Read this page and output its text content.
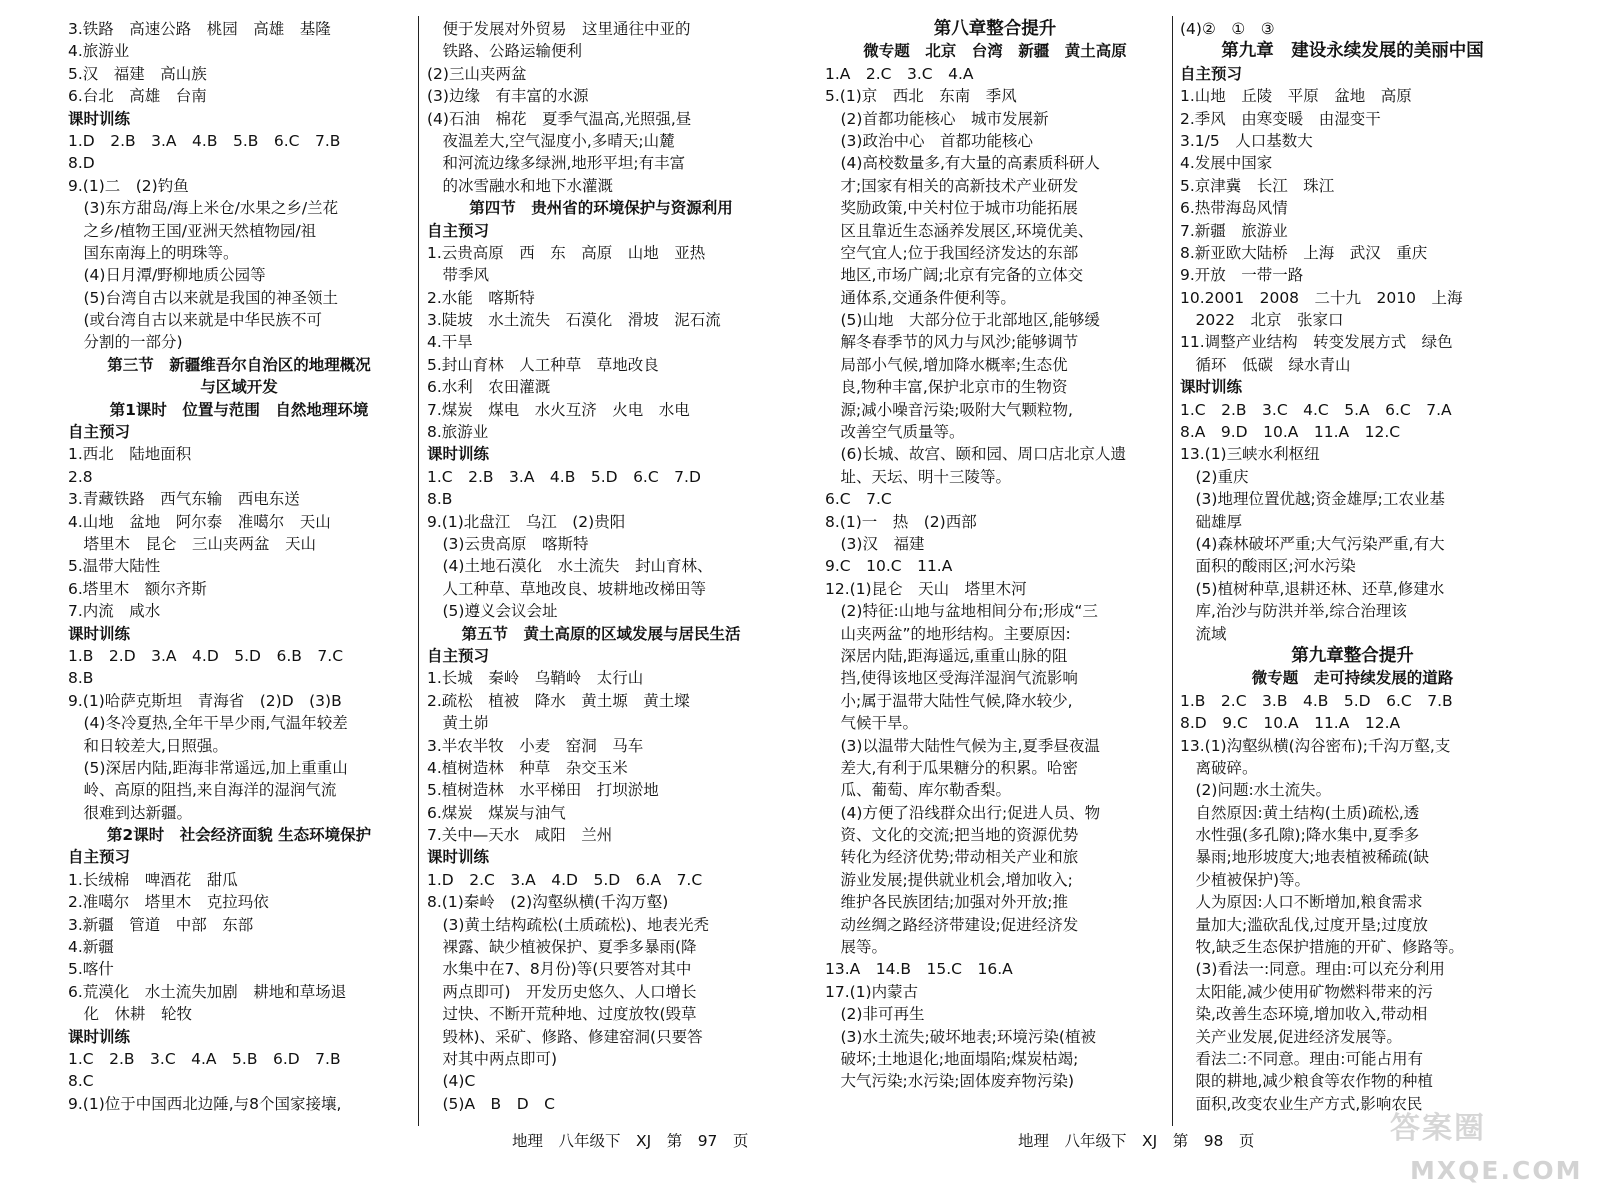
3.铁路　高速公路　桃园　高雄　基隆
4.旅游业
5.汉　福建　高山族
6.台北　高雄　台南
课时训练
1.D　2.B　3.A　4.B　5.B　6.C　7.B
8.D
9.(1)二　(2)钓鱼
　(3)东方甜岛/海上米仓/水果之乡/兰花
　之乡/植物王国/亚洲天然植物园/祖
　国东南海上的明珠等。
　(4)日月潭/野柳地质公园等
　(5)台湾自古以来就是我国的神圣领土
　(或台湾自古以来就是中华民族不可
　分割的一部分)
第三节　新疆维吾尔自治区的地理概况
与区域开发
第1课时　位置与范围　自然地理环境
自主预习
1.西北　陆地面积
2.8
3.青藏铁路　西气东输　西电东送
4.山地　盆地　阿尔泰　准噶尔　天山
　塔里木　昆仑　三山夹两盆　天山
5.温带大陆性
6.塔里木　额尔齐斯
7.内流　咸水
课时训练
1.B　2.D　3.A　4.D　5.D　6.B　7.C
8.B
9.(1)哈萨克斯坦　青海省　(2)D　(3)B
　(4)冬冷夏热,全年干旱少雨,气温年较差
　和日较差大,日照强。
　(5)深居内陆,距海非常遥远,加上重重山
　岭、高原的阻挡,来自海洋的湿润气流
　很难到达新疆。
第2课时　社会经济面貌 生态环境保护
自主预习
1.长绒棉　啤酒花　甜瓜
2.准噶尔　塔里木　克拉玛依
3.新疆　管道　中部　东部
4.新疆
5.喀什
6.荒漠化　水土流失加剧　耕地和草场退
　化　休耕　轮牧
课时训练
1.C　2.B　3.C　4.A　5.B　6.D　7.B
8.C
9.(1)位于中国西北边陲,与8个国家接壤,
　便于发展对外贸易　这里通往中亚的
　铁路、公路运输便利
(2)三山夹两盆
(3)边缘　有丰富的水源
(4)石油　棉花　夏季气温高,光照强,昼
　夜温差大,空气湿度小,多晴天;山麓
　和河流边缘多绿洲,地形平坦;有丰富
　的冰雪融水和地下水灌溉
第四节　贵州省的环境保护与资源利用
自主预习
1.云贵高原　西　东　高原　山地　亚热
　带季风
2.水能　喀斯特
3.陡坡　水土流失　石漠化　滑坡　泥石流
4.干旱
5.封山育林　人工种草　草地改良
6.水利　农田灌溉
7.煤炭　煤电　水火互济　火电　水电
8.旅游业
课时训练
1.C　2.B　3.A　4.B　5.D　6.C　7.D
8.B
9.(1)北盘江　乌江　(2)贵阳
　(3)云贵高原　喀斯特
　(4)土地石漠化　水土流失　封山育林、
　人工种草、草地改良、坡耕地改梯田等
　(5)遵义会议会址
第五节　黄土高原的区域发展与居民生活
自主预习
1.长城　秦岭　乌鞘岭　太行山
2.疏松　植被　降水　黄土塬　黄土墚
　黄土峁
3.半农半牧　小麦　窑洞　马车
4.植树造林　种草　杂交玉米
5.植树造林　水平梯田　打坝淤地
6.煤炭　煤炭与油气
7.关中—天水　咸阳　兰州
课时训练
1.D　2.C　3.A　4.D　5.D　6.A　7.C
8.(1)秦岭　(2)沟壑纵横(千沟万壑)
　(3)黄土结构疏松(土质疏松)、地表光秃
　裸露、缺少植被保护、夏季多暴雨(降
　水集中在7、8月份)等(只要答对其中
　两点即可)　开发历史悠久、人口增长
　过快、不断开荒种地、过度放牧(毁草
　毁林)、采矿、修路、修建窑洞(只要答
　对其中两点即可)
　(4)C
　(5)A　B　D　C
第八章整合提升
微专题　北京　台湾　新疆　黄土高原
1.A　2.C　3.C　4.A
5.(1)京　西北　东南　季风
　(2)首都功能核心　城市发展新
　(3)政治中心　首都功能核心
　(4)高校数量多,有大量的高素质科研人
　才;国家有相关的高新技术产业研发
　奖励政策,中关村位于城市功能拓展
　区且靠近生态涵养发展区,环境优美、
　空气宜人;位于我国经济发达的东部
　地区,市场广阔;北京有完备的立体交
　通体系,交通条件便利等。
　(5)山地　大部分位于北部地区,能够缓
　解冬春季节的风力与风沙;能够调节
　局部小气候,增加降水概率;生态优
　良,物种丰富,保护北京市的生物资
　源;减小噪音污染;吸附大气颗粒物,
　改善空气质量等。
　(6)长城、故宫、颐和园、周口店北京人遗
　址、天坛、明十三陵等。
6.C　7.C
8.(1)一　热　(2)西部
　(3)汉　福建
9.C　10.C　11.A
12.(1)昆仑　天山　塔里木河
　(2)特征:山地与盆地相间分布;形成“三
　山夹两盆”的地形结构。主要原因:
　深居内陆,距海遥远,重重山脉的阻
　挡,使得该地区受海洋湿润气流影响
　小;属于温带大陆性气候,降水较少,
　气候干旱。
　(3)以温带大陆性气候为主,夏季昼夜温
　差大,有利于瓜果糖分的积累。哈密
　瓜、葡萄、库尔勒香梨。
　(4)方便了沿线群众出行;促进人员、物
　资、文化的交流;把当地的资源优势
　转化为经济优势;带动相关产业和旅
　游业发展;提供就业机会,增加收入;
　维护各民族团结;加强对外开放;推
　动丝绸之路经济带建设;促进经济发
　展等。
13.A　14.B　15.C　16.A
17.(1)内蒙古
　(2)非可再生
　(3)水土流失;破坏地表;环境污染(植被
　破坏;土地退化;地面塌陷;煤炭枯竭;
　大气污染;水污染;固体废弃物污染)
(4)②　①　③
第九章　建设永续发展的美丽中国
自主预习
1.山地　丘陵　平原　盆地　高原
2.季风　由寒变暖　由湿变干
3.1/5　人口基数大
4.发展中国家
5.京津冀　长江　珠江
6.热带海岛风情
7.新疆　旅游业
8.新亚欧大陆桥　上海　武汉　重庆
9.开放　一带一路
10.2001　2008　二十九　2010　上海
　2022　北京　张家口
11.调整产业结构　转变发展方式　绿色
　循环　低碳　绿水青山
课时训练
1.C　2.B　3.C　4.C　5.A　6.C　7.A
8.A　9.D　10.A　11.A　12.C
13.(1)三峡水利枢纽
　(2)重庆
　(3)地理位置优越;资金雄厚;工农业基
　础雄厚
　(4)森林破坏严重;大气污染严重,有大
　面积的酸雨区;河水污染
　(5)植树种草,退耕还林、还草,修建水
　库,治沙与防洪并举,综合治理该
　流域
第九章整合提升
微专题　走可持续发展的道路
1.B　2.C　3.B　4.B　5.D　6.C　7.B
8.D　9.C　10.A　11.A　12.A
13.(1)沟壑纵横(沟谷密布);千沟万壑,支
　离破碎。
　(2)问题:水土流失。
　自然原因:黄土结构(土质)疏松,透
　水性强(多孔隙);降水集中,夏季多
　暴雨;地形坡度大;地表植被稀疏(缺
　少植被保护)等。
　人为原因:人口不断增加,粮食需求
　量加大;滥砍乱伐,过度开垦;过度放
　牧,缺乏生态保护措施的开矿、修路等。
　(3)看法一:同意。理由:可以充分利用
　太阳能,减少使用矿物燃料带来的污
　染,改善生态环境,增加收入,带动相
　关产业发展,促进经济发展等。
　看法二:不同意。理由:可能占用有
　限的耕地,减少粮食等农作物的种植
　面积,改变农业生产方式,影响农民
地理　八年级下　XJ　第　97　页	地理　八年级下　XJ　第　98　页	答案圈
MXQE.COM
